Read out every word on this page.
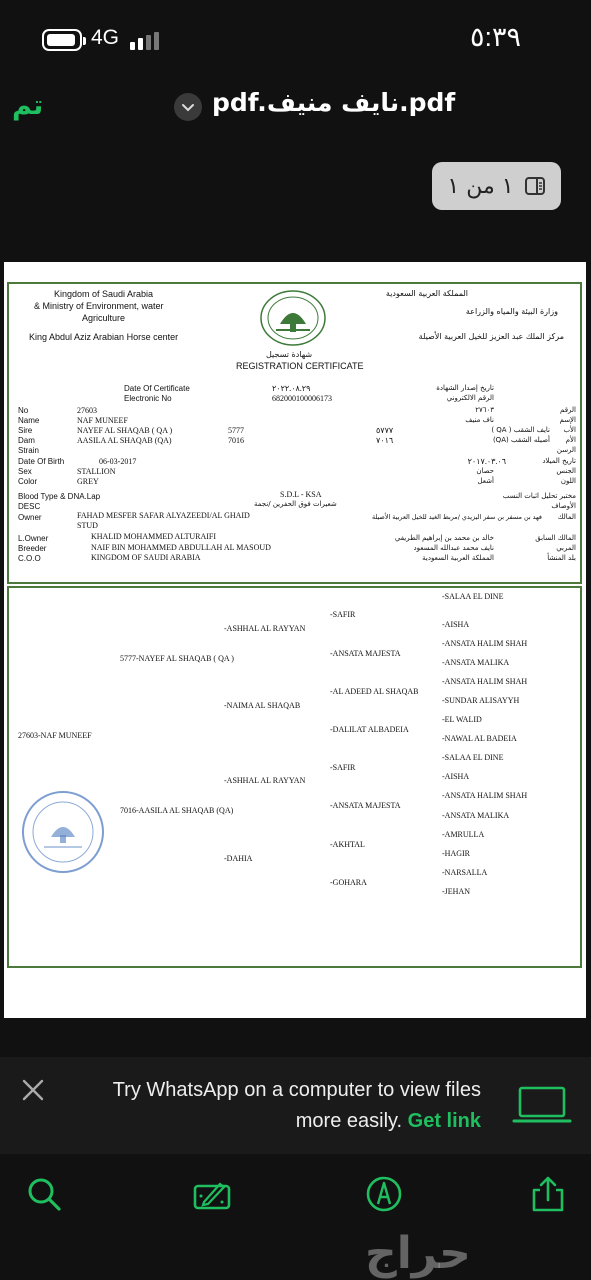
4G	٥:٣٩
تم	pdf.نايف منيف.pdf
١ من ١
Kingdom of Saudi Arabia
& Ministry of Environment, water
Agriculture
King Abdul Aziz Arabian Horse center
المملكة العربية السعودية
وزارة البيئة والمياه والزراعة
مركز الملك عبد العزيز للخيل العربية الأصيلة
شهادة تسجيل
REGISTRATION CERTIFICATE
Date Of Certificate	٢٠٢٢.٠٨.٢٩	تاريخ إصدار الشهادة
Electronic No	682000100006173	الرقم الالكتروني
No	27603	٢٧٦٠٣	الرقم
Name	NAF MUNEEF	ناف منيف	الإسم
Sire	NAYEF AL SHAQAB ( QA )	5777	٥٧٧٧	( QA ) نايف الشقب الأب
Dam	AASILA AL SHAQAB (QA)	7016	٧٠١٦	(QA) أصيله الشقب الأم
Strain	الرسن
Date Of Birth	06-03-2017	٢٠١٧.٠٣.٠٦	تاريخ الميلاد
Sex	STALLION	حصان	الجنس
Color	GREY	أشعل	اللون
Blood Type & DNA.Lap	S.D.L - KSA	مختبر تحليل اثبات النسب
DESC	شعيرات فوق الحفرين /نجمة	الأوصاف
Owner	FAHAD MESFER SAFAR ALYAZEEDI/AL GHAID
STUD
فهد بن مسفر بن سفر اليزيدي /مربط الغيد للخيل العربية الأصيلة المالك
L.Owner	KHALID MOHAMMED ALTURAIFI	خالد بن محمد بن إبراهيم الطريفي	المالك السابق
Breeder	NAIF BIN MOHAMMED ABDULLAH AL MASOUD	نايف محمد عبدالله المسعود	المربي
C.O.O	KINGDOM OF SAUDI ARABIA	المملكة العربية السعودية	بلد المنشأ
27603-NAF MUNEEF
5777-NAYEF AL SHAQAB ( QA )
7016-AASILA AL SHAQAB (QA)
-ASHHAL AL RAYYAN
-NAIMA AL SHAQAB
-ASHHAL AL RAYYAN
-DAHIA
-SAFIR
-ANSATA MAJESTA
-AL ADEED AL SHAQAB
-DALILAT ALBADEIA
-SAFIR
-ANSATA MAJESTA
-AKHTAL
-GOHARA
-SALAA EL DINE
-AISHA
-ANSATA HALIM SHAH
-ANSATA MALIKA
-ANSATA HALIM SHAH
-SUNDAR ALISAYYH
-EL WALID
-NAWAL AL BADEIA
-SALAA EL DINE
-AISHA
-ANSATA HALIM SHAH
-ANSATA MALIKA
-AMRULLA
-HAGIR
-NARSALLA
-JEHAN
Try WhatsApp on a computer to view files
more easily. Get link
حراج
